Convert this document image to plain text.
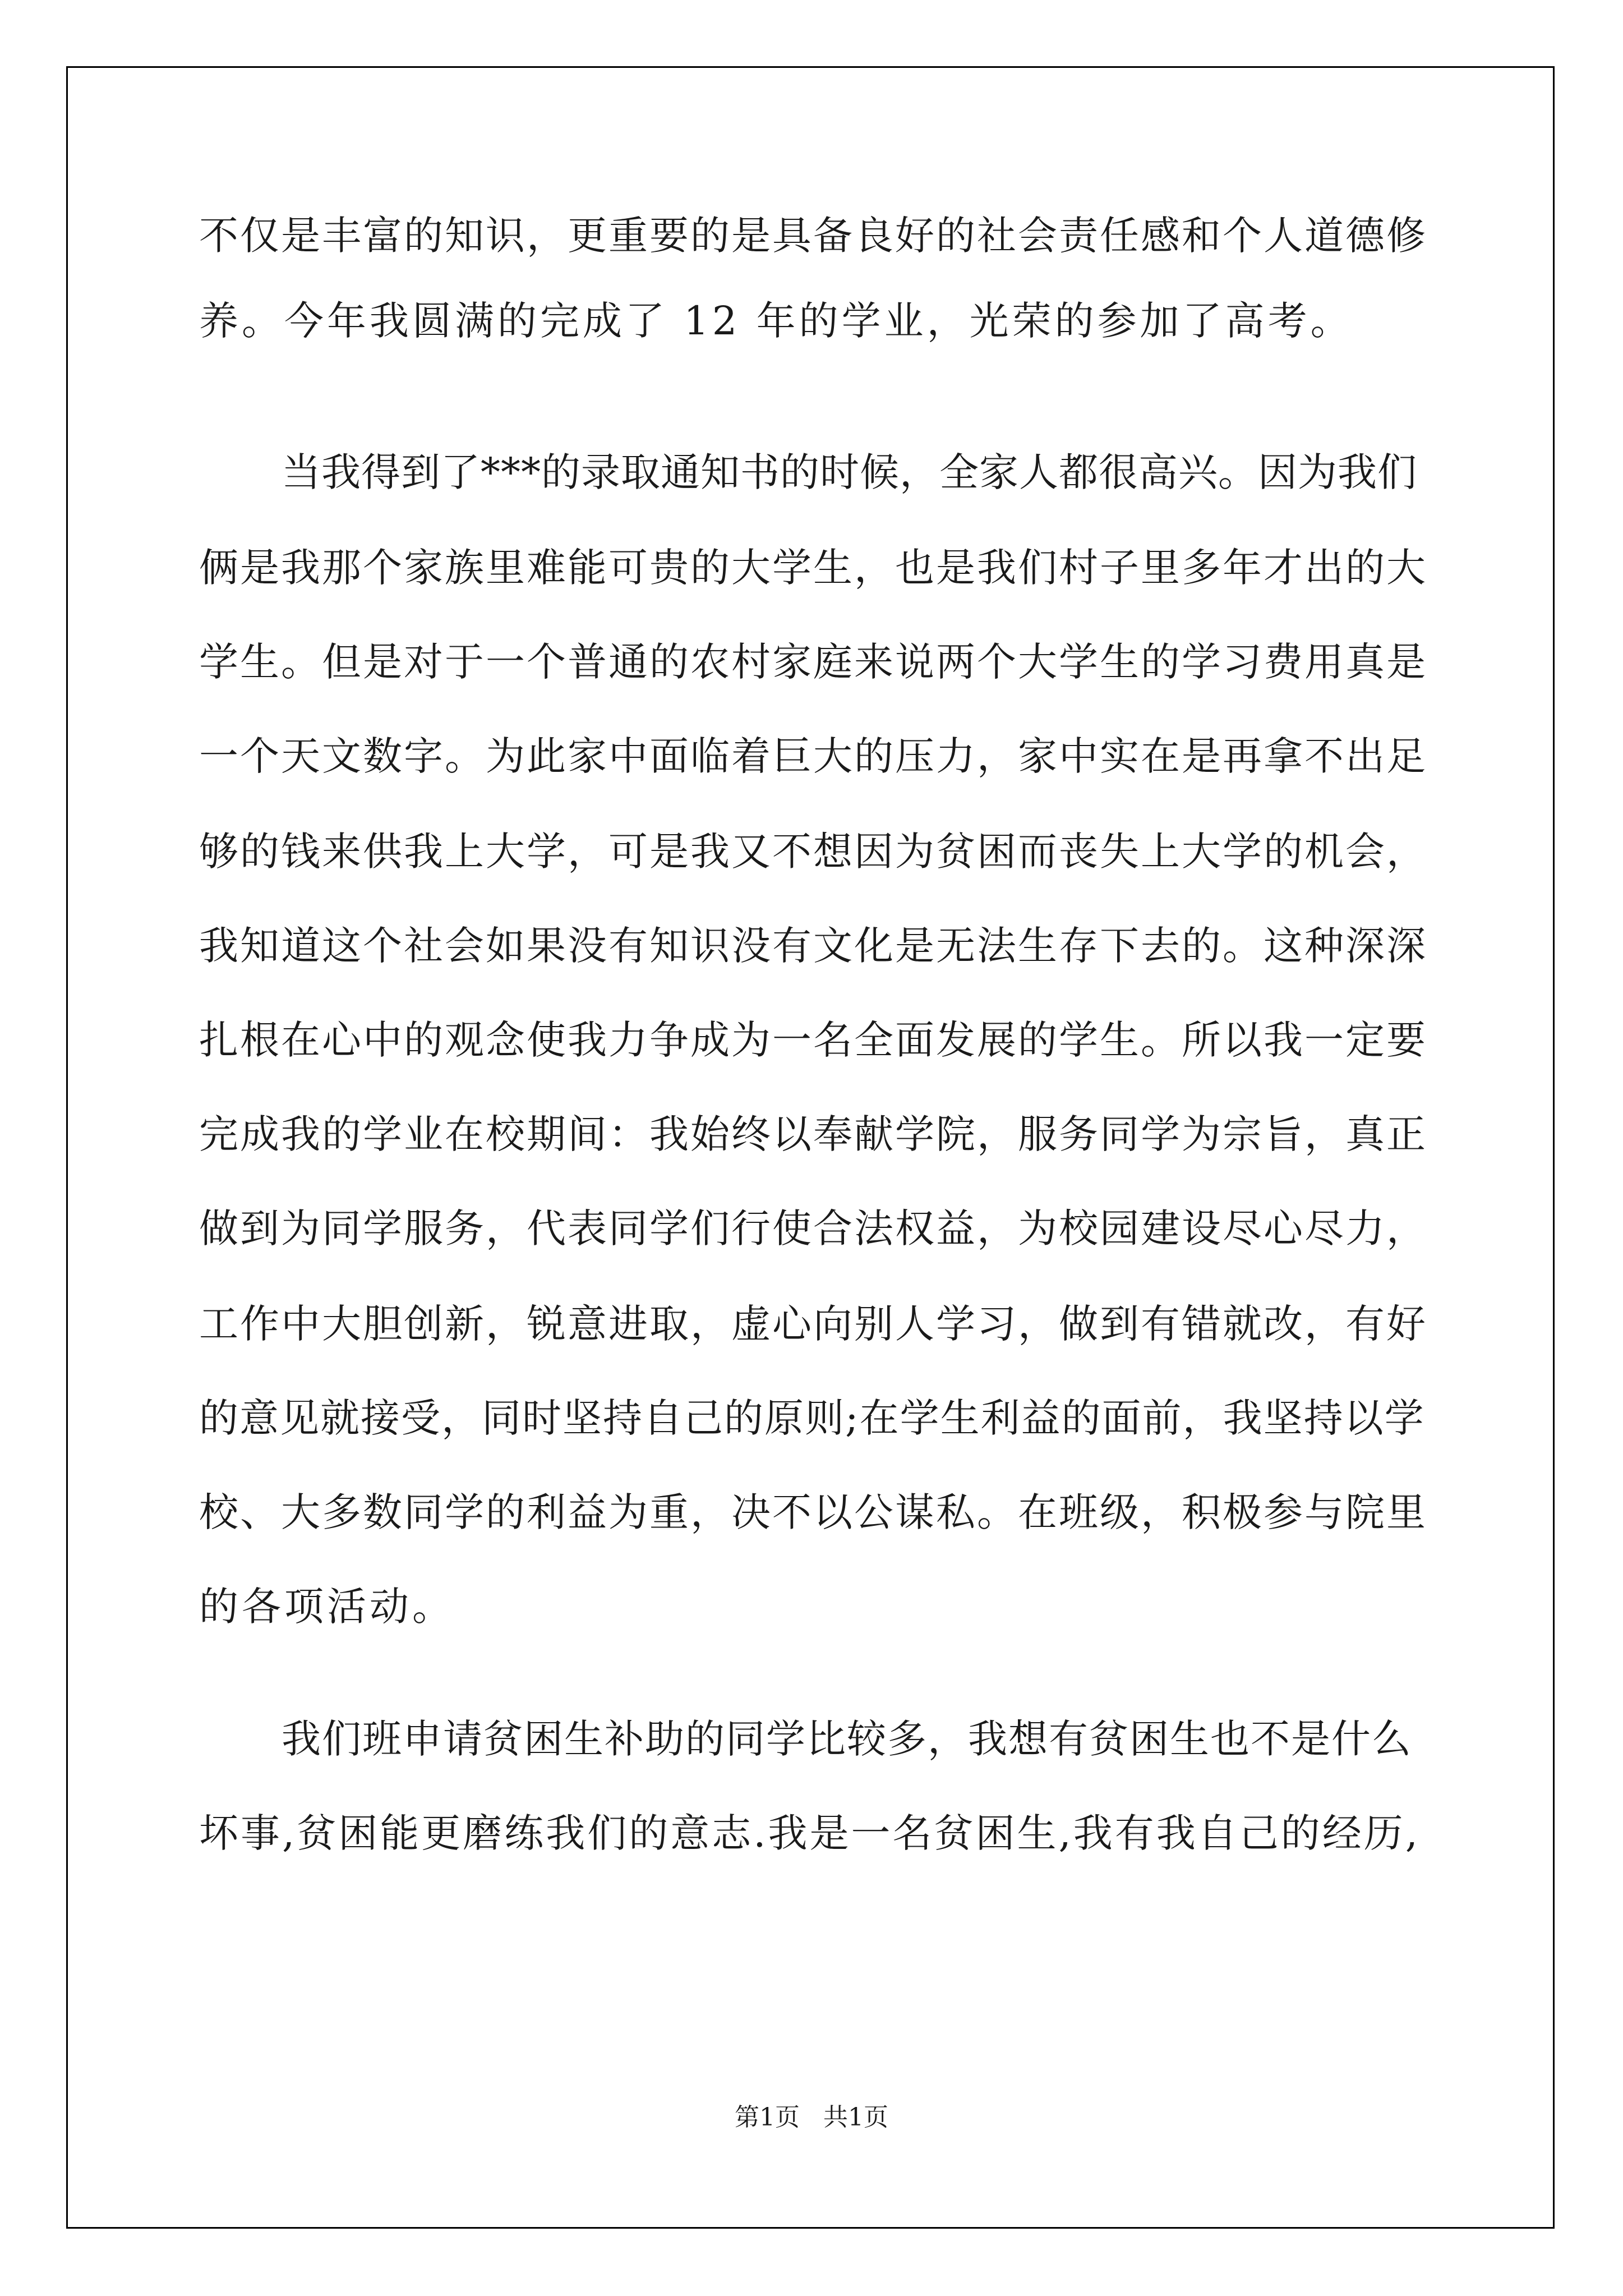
不仅是丰富的知识，更重要的是具备良好的社会责任感和个人道德修
养。今年我圆满的完成了 12 年的学业，光荣的参加了高考。
当我得到了***的录取通知书的时候，全家人都很高兴。因为我们
俩是我那个家族里难能可贵的大学生，也是我们村子里多年才出的大
学生。但是对于一个普通的农村家庭来说两个大学生的学习费用真是
一个天文数字。为此家中面临着巨大的压力，家中实在是再拿不出足
够的钱来供我上大学，可是我又不想因为贫困而丧失上大学的机会，
我知道这个社会如果没有知识没有文化是无法生存下去的。这种深深
扎根在心中的观念使我力争成为一名全面发展的学生。所以我一定要
完成我的学业在校期间：我始终以奉献学院，服务同学为宗旨，真正
做到为同学服务，代表同学们行使合法权益，为校园建设尽心尽力，
工作中大胆创新，锐意进取，虚心向别人学习，做到有错就改，有好
的意见就接受，同时坚持自己的原则;在学生利益的面前，我坚持以学
校、大多数同学的利益为重，决不以公谋私。在班级，积极参与院里
的各项活动。
我们班申请贫困生补助的同学比较多，我想有贫困生也不是什么
坏事,贫困能更磨练我们的意志.我是一名贫困生,我有我自己的经历,
第1页   共1页
